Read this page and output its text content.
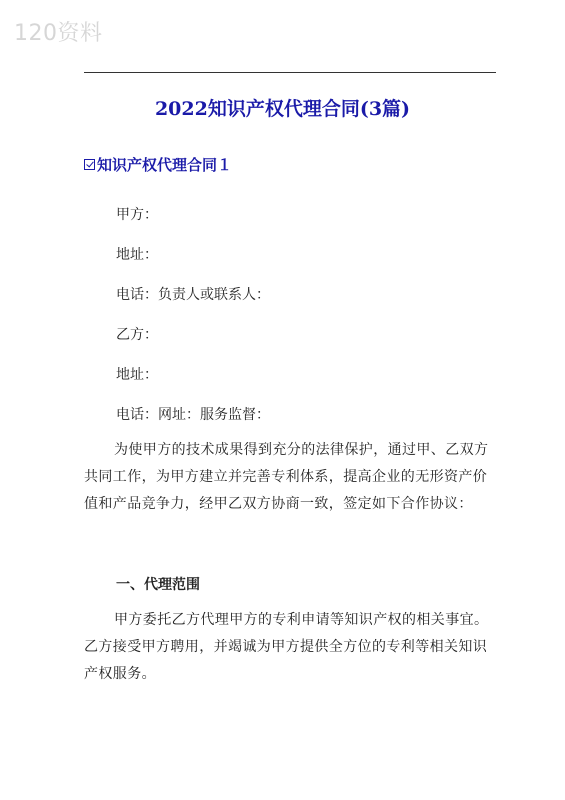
120资料
2022知识产权代理合同(3篇)
知识产权代理合同１
甲方：
地址：
电话：负责人或联系人：
乙方：
地址：
电话：网址：服务监督：
为使甲方的技术成果得到充分的法律保护，通过甲、乙双方共同工作，为甲方建立并完善专利体系，提高企业的无形资产价值和产品竞争力，经甲乙双方协商一致，签定如下合作协议：
一、代理范围
甲方委托乙方代理甲方的专利申请等知识产权的相关事宜。乙方接受甲方聘用，并竭诚为甲方提供全方位的专利等相关知识产权服务。
